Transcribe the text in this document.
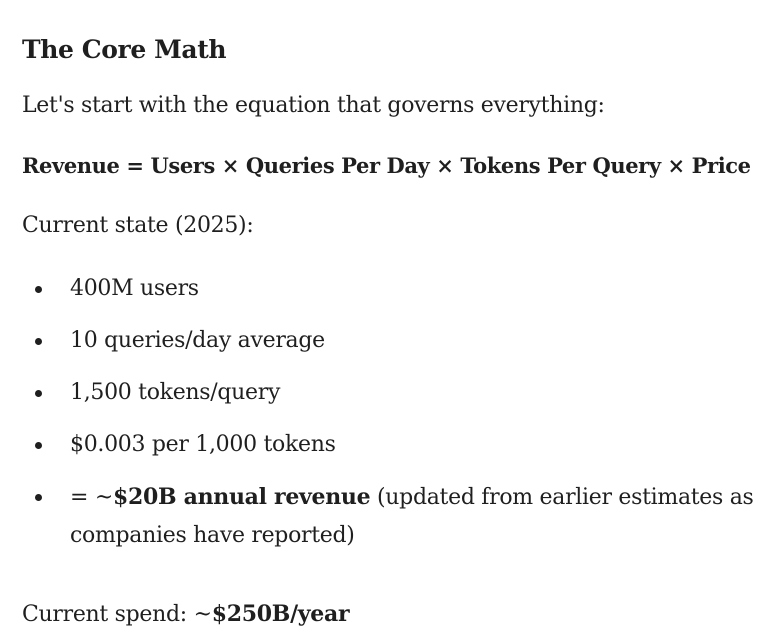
The Core Math

Let's start with the equation that governs everything:

Revenue = Users × Queries Per Day × Tokens Per Query × Price

Current state (2025):

400M users
10 queries/day average
1,500 tokens/query
$0.003 per 1,000 tokens
= ~$20B annual revenue (updated from earlier estimates as companies have reported)

Current spend: ~$250B/year
